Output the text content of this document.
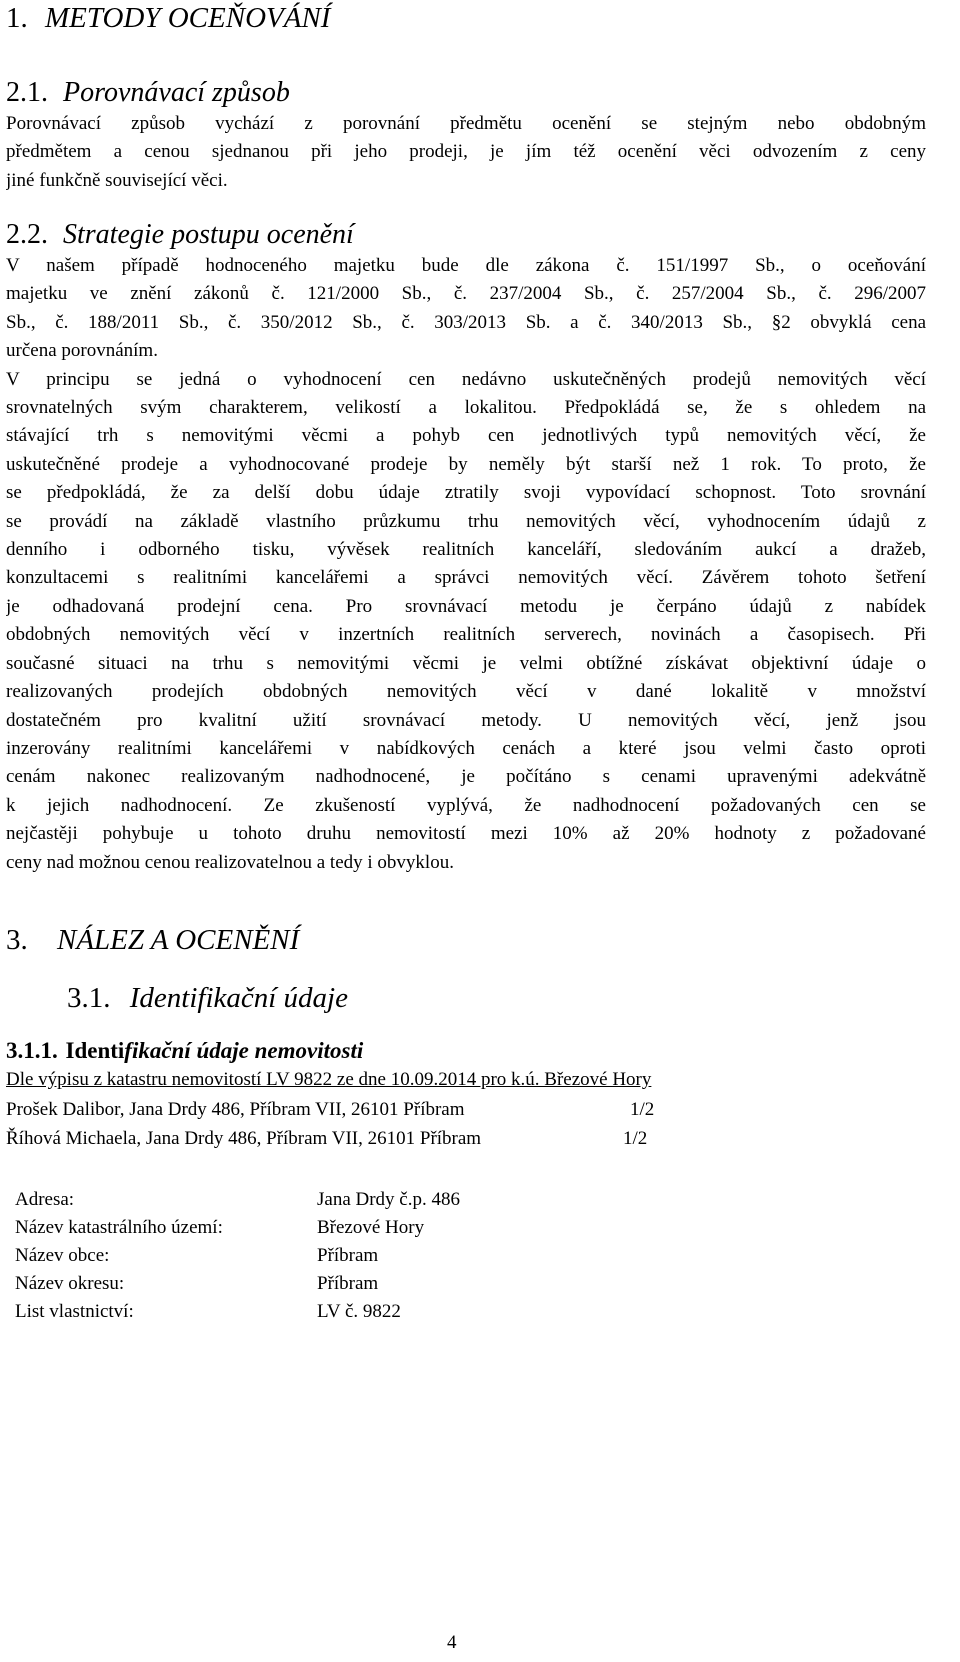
1. METODY OCEŇOVÁNÍ
2.1. Porovnávací způsob
Porovnávací způsob vychází z porovnání předmětu ocenění se stejným nebo obdobným
předmětem a cenou sjednanou při jeho prodeji, je jím též ocenění věci odvozením z ceny
jiné funkčně související věci.
2.2. Strategie postupu ocenění
V našem případě hodnoceného majetku bude dle zákona č. 151/1997 Sb., o oceňování
majetku ve znění zákonů č. 121/2000 Sb., č. 237/2004 Sb., č. 257/2004 Sb., č. 296/2007
Sb., č. 188/2011 Sb., č. 350/2012 Sb., č. 303/2013 Sb. a č. 340/2013 Sb., §2 obvyklá cena
určena porovnáním.
V principu se jedná o vyhodnocení cen nedávno uskutečněných prodejů nemovitých věcí
srovnatelných svým charakterem, velikostí a lokalitou. Předpokládá se, že s ohledem na
stávající trh s nemovitými věcmi a pohyb cen jednotlivých typů nemovitých věcí, že
uskutečněné prodeje a vyhodnocované prodeje by neměly být starší než 1 rok. To proto, že
se předpokládá, že za delší dobu údaje ztratily svoji vypovídací schopnost. Toto srovnání
se provádí na základě vlastního průzkumu trhu nemovitých věcí, vyhodnocením údajů z
denního i odborného tisku, vývěsek realitních kanceláří, sledováním aukcí a dražeb,
konzultacemi s realitními kancelářemi a správci nemovitých věcí. Závěrem tohoto šetření
je odhadovaná prodejní cena. Pro srovnávací metodu je čerpáno údajů z nabídek
obdobných nemovitých věcí v inzertních realitních serverech, novinách a časopisech. Při
současné situaci na trhu s nemovitými věcmi je velmi obtížné získávat objektivní údaje o
realizovaných prodejích obdobných nemovitých věcí v dané lokalitě v množství
dostatečném pro kvalitní užití srovnávací metody. U nemovitých věcí, jenž jsou
inzerovány realitními kancelářemi v nabídkových cenách a které jsou velmi často oproti
cenám nakonec realizovaným nadhodnocené, je počítáno s cenami upravenými adekvátně
k jejich nadhodnocení. Ze zkušeností vyplývá, že nadhodnocení požadovaných cen se
nejčastěji pohybuje u tohoto druhu nemovitostí mezi 10% až 20% hodnoty z požadované
ceny nad možnou cenou realizovatelnou a tedy i obvyklou.
3. NÁLEZ A OCENĚNÍ
3.1. Identifikační údaje
3.1.1. Identifikační údaje nemovitosti
Dle výpisu z katastru nemovitostí LV 9822 ze dne 10.09.2014 pro k.ú. Březové Hory
Prošek Dalibor, Jana Drdy 486, Příbram VII, 26101 Příbram	1/2
Říhová Michaela, Jana Drdy 486, Příbram VII, 26101 Příbram	1/2
Adresa:	Jana Drdy č.p. 486
Název katastrálního území:	Březové Hory
Název obce:	Příbram
Název okresu:	Příbram
List vlastnictví:	LV č. 9822
4
